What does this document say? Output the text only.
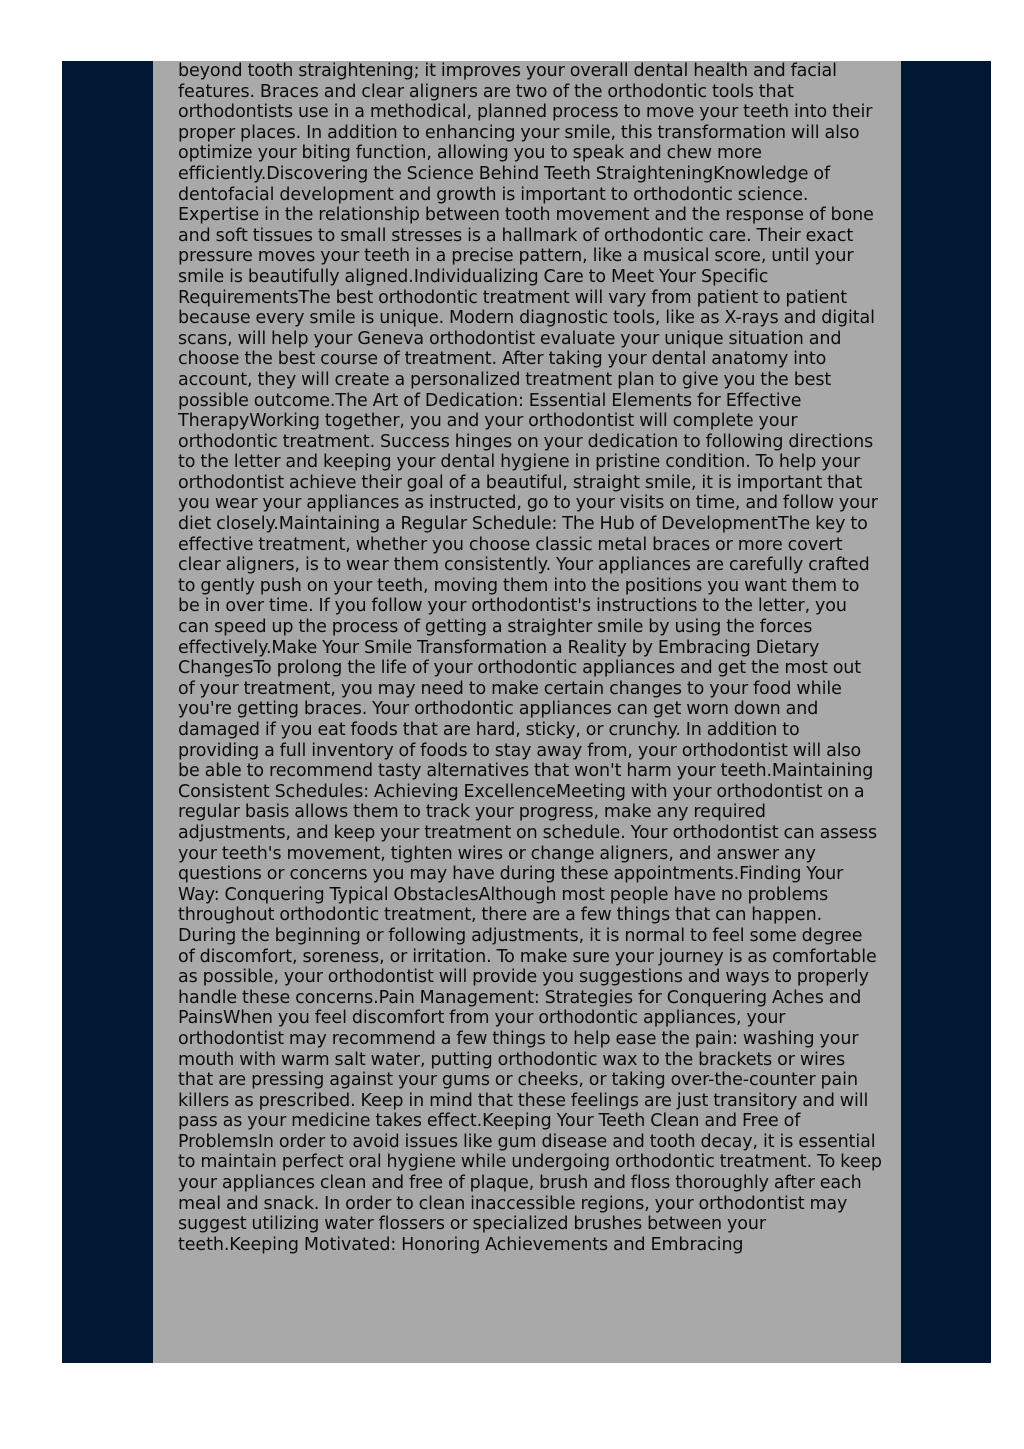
beyond tooth straightening; it improves your overall dental health and facial features. Braces and clear aligners are two of the orthodontic tools that orthodontists use in a methodical, planned process to move your teeth into their proper places. In addition to enhancing your smile, this transformation will also optimize your biting function, allowing you to speak and chew more efficiently.Discovering the Science Behind Teeth StraighteningKnowledge of dentofacial development and growth is important to orthodontic science. Expertise in the relationship between tooth movement and the response of bone and soft tissues to small stresses is a hallmark of orthodontic care. Their exact pressure moves your teeth in a precise pattern, like a musical score, until your smile is beautifully aligned.Individualizing Care to Meet Your Specific RequirementsThe best orthodontic treatment will vary from patient to patient because every smile is unique. Modern diagnostic tools, like as X-rays and digital scans, will help your Geneva orthodontist evaluate your unique situation and choose the best course of treatment. After taking your dental anatomy into account, they will create a personalized treatment plan to give you the best possible outcome.The Art of Dedication: Essential Elements for Effective TherapyWorking together, you and your orthodontist will complete your orthodontic treatment. Success hinges on your dedication to following directions to the letter and keeping your dental hygiene in pristine condition. To help your orthodontist achieve their goal of a beautiful, straight smile, it is important that you wear your appliances as instructed, go to your visits on time, and follow your diet closely.Maintaining a Regular Schedule: The Hub of DevelopmentThe key to effective treatment, whether you choose classic metal braces or more covert clear aligners, is to wear them consistently. Your appliances are carefully crafted to gently push on your teeth, moving them into the positions you want them to be in over time. If you follow your orthodontist's instructions to the letter, you can speed up the process of getting a straighter smile by using the forces effectively.Make Your Smile Transformation a Reality by Embracing Dietary ChangesTo prolong the life of your orthodontic appliances and get the most out of your treatment, you may need to make certain changes to your food while you're getting braces. Your orthodontic appliances can get worn down and damaged if you eat foods that are hard, sticky, or crunchy. In addition to providing a full inventory of foods to stay away from, your orthodontist will also be able to recommend tasty alternatives that won't harm your teeth.Maintaining Consistent Schedules: Achieving ExcellenceMeeting with your orthodontist on a regular basis allows them to track your progress, make any required adjustments, and keep your treatment on schedule. Your orthodontist can assess your teeth's movement, tighten wires or change aligners, and answer any questions or concerns you may have during these appointments.Finding Your Way: Conquering Typical ObstaclesAlthough most people have no problems throughout orthodontic treatment, there are a few things that can happen. During the beginning or following adjustments, it is normal to feel some degree of discomfort, soreness, or irritation. To make sure your journey is as comfortable as possible, your orthodontist will provide you suggestions and ways to properly handle these concerns.Pain Management: Strategies for Conquering Aches and PainsWhen you feel discomfort from your orthodontic appliances, your orthodontist may recommend a few things to help ease the pain: washing your mouth with warm salt water, putting orthodontic wax to the brackets or wires that are pressing against your gums or cheeks, or taking over-the-counter pain killers as prescribed. Keep in mind that these feelings are just transitory and will pass as your medicine takes effect.Keeping Your Teeth Clean and Free of ProblemsIn order to avoid issues like gum disease and tooth decay, it is essential to maintain perfect oral hygiene while undergoing orthodontic treatment. To keep your appliances clean and free of plaque, brush and floss thoroughly after each meal and snack. In order to clean inaccessible regions, your orthodontist may suggest utilizing water flossers or specialized brushes between your teeth.Keeping Motivated: Honoring Achievements and Embracing
